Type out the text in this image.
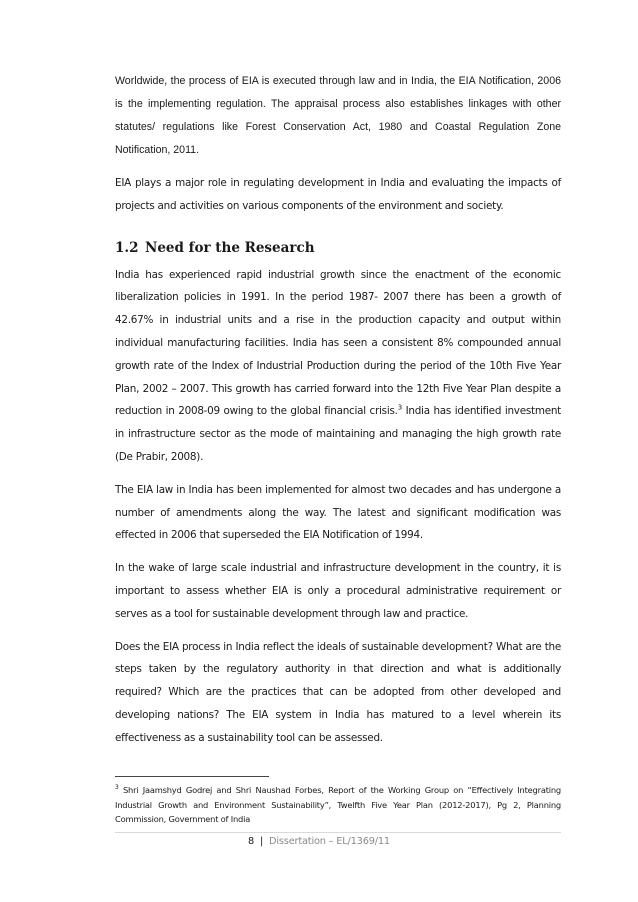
Worldwide, the process of EIA is executed through law and in India, the EIA Notification, 2006 is the implementing regulation. The appraisal process also establishes linkages with other statutes/ regulations like Forest Conservation Act, 1980 and Coastal Regulation Zone Notification, 2011.

EIA plays a major role in regulating development in India and evaluating the impacts of projects and activities on various components of the environment and society.

1.2 Need for the Research

India has experienced rapid industrial growth since the enactment of the economic liberalization policies in 1991. In the period 1987- 2007 there has been a growth of 42.67% in industrial units and a rise in the production capacity and output within individual manufacturing facilities. India has seen a consistent 8% compounded annual growth rate of the Index of Industrial Production during the period of the 10th Five Year Plan, 2002 – 2007. This growth has carried forward into the 12th Five Year Plan despite a reduction in 2008-09 owing to the global financial crisis.$^3$ India has identified investment in infrastructure sector as the mode of maintaining and managing the high growth rate (De Prabir, 2008).

The EIA law in India has been implemented for almost two decades and has undergone a number of amendments along the way. The latest and significant modification was effected in 2006 that superseded the EIA Notification of 1994.

In the wake of large scale industrial and infrastructure development in the country, it is important to assess whether EIA is only a procedural administrative requirement or serves as a tool for sustainable development through law and practice.

Does the EIA process in India reflect the ideals of sustainable development? What are the steps taken by the regulatory authority in that direction and what is additionally required? Which are the practices that can be adopted from other developed and developing nations? The EIA system in India has matured to a level wherein its effectiveness as a sustainability tool can be assessed.

$^3$ Shri Jaamshyd Godrej and Shri Naushad Forbes, Report of the Working Group on “Effectively Integrating Industrial Growth and Environment Sustainability”, Twelfth Five Year Plan (2012-2017), Pg 2, Planning Commission, Government of India
8 | Dissertation – EL/1369/11
